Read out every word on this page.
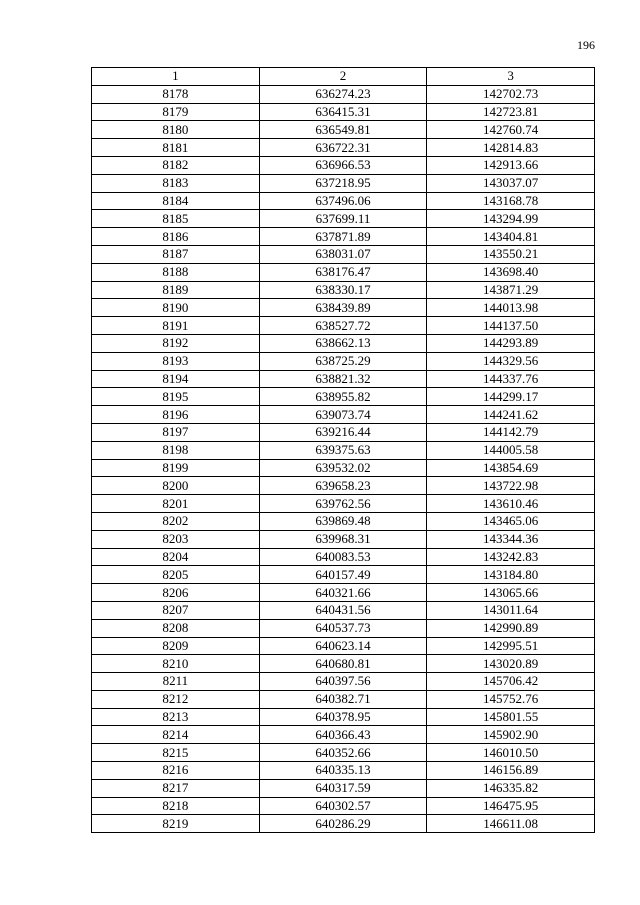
196
1	2	3
8178	636274.23	142702.73
8179	636415.31	142723.81
8180	636549.81	142760.74
8181	636722.31	142814.83
8182	636966.53	142913.66
8183	637218.95	143037.07
8184	637496.06	143168.78
8185	637699.11	143294.99
8186	637871.89	143404.81
8187	638031.07	143550.21
8188	638176.47	143698.40
8189	638330.17	143871.29
8190	638439.89	144013.98
8191	638527.72	144137.50
8192	638662.13	144293.89
8193	638725.29	144329.56
8194	638821.32	144337.76
8195	638955.82	144299.17
8196	639073.74	144241.62
8197	639216.44	144142.79
8198	639375.63	144005.58
8199	639532.02	143854.69
8200	639658.23	143722.98
8201	639762.56	143610.46
8202	639869.48	143465.06
8203	639968.31	143344.36
8204	640083.53	143242.83
8205	640157.49	143184.80
8206	640321.66	143065.66
8207	640431.56	143011.64
8208	640537.73	142990.89
8209	640623.14	142995.51
8210	640680.81	143020.89
8211	640397.56	145706.42
8212	640382.71	145752.76
8213	640378.95	145801.55
8214	640366.43	145902.90
8215	640352.66	146010.50
8216	640335.13	146156.89
8217	640317.59	146335.82
8218	640302.57	146475.95
8219	640286.29	146611.08
